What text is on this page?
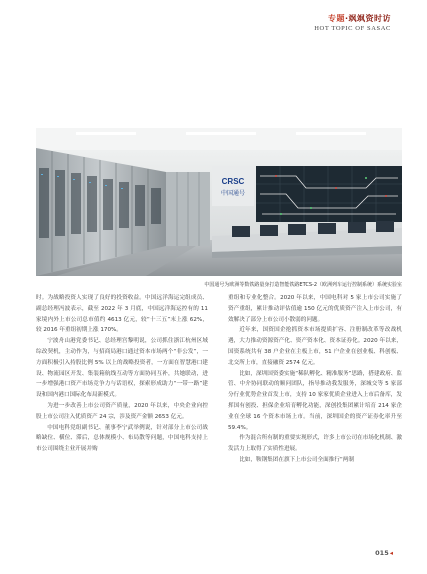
专题·飒飒资时访
HOT TOPIC OF SASAC
CRSC
中国通号
中国通号为欧洲等数铁路量身打造智能铁路ETCS-2（欧洲列车运行控制系统）系统实验室

时。为战略投资人实现了良好的投资收益。中国远洋海运完组成员、副总经理冯波表示，截至 2022 年 3 月底，中国远洋海运控有的 11 家境内外上市公司总市值约 4613 亿元，较“十三五”末上涨 62%，较 2016 年重组初期上涨 170%。

宁波舟山港党委书记、总经理宫黎明说，公司抓住浙江杭州区域综改契机，主动作为，与招商局港口通过资本市场两个“非公发”，一方面积极引入持股比例 5% 以上的战略投资者，一方面在智慧港口建设、物流园区开发、集装箱航线互动等方面协同互补，共她联动，进一步增强港口资产市场竞争力与话语权，探索形成助力“一带一路”建设和国内港口国际化布局新模式。

为进一步改善上市公司资产质量，2020 年以来，中央企业向控股上市公司注入优质资产 24 宗，涉及资产金额 2653 亿元。

中国电科党组副书记、董事李宁武举例说，针对部分上市公司战略缺位、横位、滞后，总体规模小、布局散等问题，中国电科支持上市公司围绕主业开展并购

重组和专业化整合。2020 年以来，中国电科对 5 家上市公司实施了资产重组，累计推动评估值逾 150 亿元的优质资产注入上市公司，有效解决了部分上市公司小散弱的问题。

近年来，国资国企抢抓资本市场提质扩容、注册制改革等改战机遇，大力推动资源资产化、资产资本化、资本证券化。2020 年以来，国资系统共有 38 户企业在主板上市，51 户企业在创业板、科创板、北交所上市，直接融资 2574 亿元。

比如，深圳国资委实施“稀队孵化、精准服务”思路，搭建政府、监管、中介协同联动的顺问团队，指导推动我发服务，深城交等 5 家部分行业优势企业首发上市，支持 10 家家优质企业进入上市后备库，发挥国有创投、担保企业培育孵化功能，深创投集团累计培育 214 家企业在全球 16 个资本市场上市。当前，深圳国企的资产证券化率升至 59.4%。

作为混合所有制的重要实现形式，许多上市公司在市场化机制、激发活力上取得了实质性进展。

比如，鞍钢集团在旗下上市公司全面推行“两制

015◂
